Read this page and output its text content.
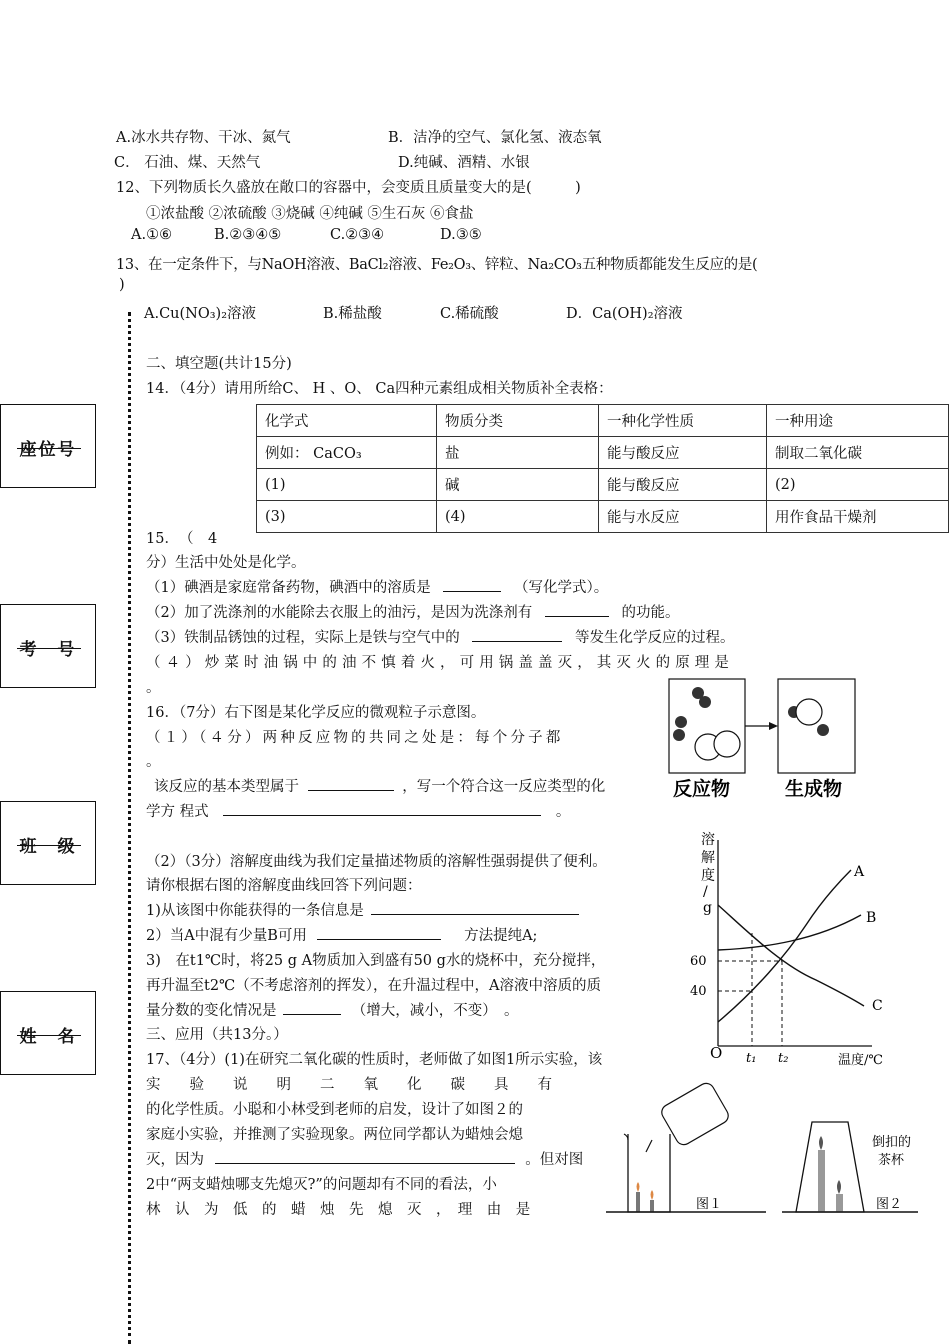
A.冰水共存物、干冰、氮气	B．洁净的空气、氯化氢、液态氧
C． 石油、煤、天然气	D.纯碱、酒精、水银
12、下列物质长久盛放在敞口的容器中，会变质且质量变大的是(　　　)
①浓盐酸 ②浓硫酸 ③烧碱 ④纯碱 ⑤生石灰 ⑥食盐
A.①⑥	B.②③④⑤	C.②③④	D.③⑤
13、在一定条件下，与NaOH溶液、BaCl₂溶液、Fe₂O₃、锌粒、Na₂CO₃五种物质都能发生反应的是(
)
A.Cu(NO₃)₂溶液	B.稀盐酸	C.稀硫酸	D．Ca(OH)₂溶液
座位号
考　号
班　级
姓　名
二、填空题(共计15分)
14．（4分）请用所给C、 H 、O、 Ca四种元素组成相关物质补全表格：
化学式	物质分类	一种化学性质	一种用途
例如： CaCO₃	盐	能与酸反应	制取二氧化碳
(1)	碱	能与酸反应	(2)
(3)	(4)	能与水反应	用作食品干燥剂
15．　（　4
分）生活中处处是化学。
（1）碘酒是家庭常备药物，碘酒中的溶质是	（写化学式）。
（2）加了洗涤剂的水能除去衣服上的油污，是因为洗涤剂有	的功能。
（3）铁制品锈蚀的过程，实际上是铁与空气中的	等发生化学反应的过程。
（４）炒菜时油锅中的油不慎着火，可用锅盖盖灭，其灭火的原理是
。
16．（7分）右下图是某化学反应的微观粒子示意图。
（１）（４分）两种反应物的共同之处是：每个分子都
。
该反应的基本类型属于	，写一个符合这一反应类型的化
学方 程式	。
反应物	生成物
（2）（3分）溶解度曲线为我们定量描述物质的溶解性强弱提供了便利。
请你根据右图的溶解度曲线回答下列问题：
1)从该图中你能获得的一条信息是
2）当A中混有少量B可用	方法提纯A;
3)　在t1℃时，将25 g A物质加入到盛有50 g水的烧杯中，充分搅拌，
再升温至t2℃（不考虑溶剂的挥发），在升温过程中，A溶液中溶质的质
量分数的变化情况是	（增大，减小，不变）　。
溶
解
度
/
g
O
60
40
t₁ t₂	温度/℃
A
B
C
三、应用（共13分。）
17、（4分）(1)在研究二氧化碳的性质时，老师做了如图1所示实验，该
实　　验　　说　　明　　二　　氧　　化　　碳　　具　　有
的化学性质。小聪和小林受到老师的启发，设计了如图２的
家庭小实验，并推测了实验现象。两位同学都认为蜡烛会熄
灭，因为	。但对图
2中“两支蜡烛哪支先熄灭?”的问题却有不同的看法，小
林　认　为　低　的　蜡　烛　先　熄　灭　，　理　由　是	图１
倒扣的
茶杯
图２
